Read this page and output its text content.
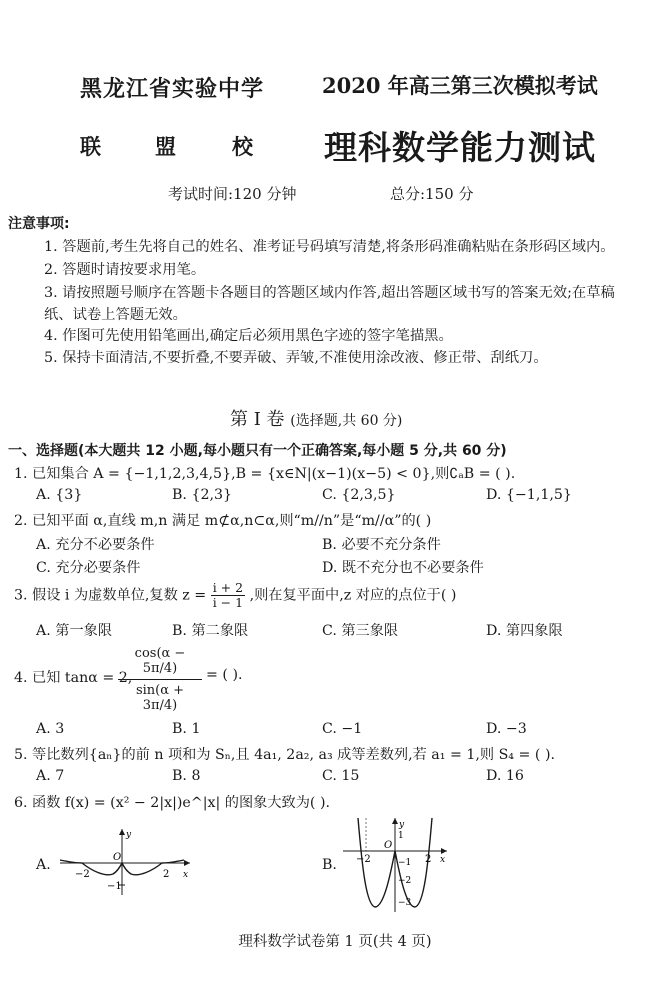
黑龙江省实验中学	2020 年高三第三次模拟考试
联	盟	校 理科数学能力测试
考试时间:120 分钟	总分:150 分
注意事项:
1. 答题前,考生先将自己的姓名、准考证号码填写清楚,将条形码准确粘贴在条形码区域内。
2. 答题时请按要求用笔。
3. 请按照题号顺序在答题卡各题目的答题区域内作答,超出答题区域书写的答案无效;在草稿
纸、试卷上答题无效。
4. 作图可先使用铅笔画出,确定后必须用黑色字迹的签字笔描黑。
5. 保持卡面清洁,不要折叠,不要弄破、弄皱,不准使用涂改液、修正带、刮纸刀。
第 I 卷 (选择题,共 60 分)
一、选择题(本大题共 12 小题,每小题只有一个正确答案,每小题 5 分,共 60 分)
1. 已知集合 A = {−1,1,2,3,4,5},B = {x∈N|(x−1)(x−5) < 0},则∁ₐB = ( ).
A. {3}	B. {2,3}	C. {2,3,5}	D. {−1,1,5}
2. 已知平面 α,直线 m,n 满足 m⊄α,n⊂α,则“m//n”是“m//α”的( )
A. 充分不必要条件	B. 必要不充分条件
C. 充分必要条件	D. 既不充分也不必要条件
3. 假设 i 为虚数单位,复数 $z = \frac{i + 2}{i - 1}$ ,则在复平面中,z 对应的点位于( )
A. 第一象限	B. 第二象限	C. 第三象限	D. 第四象限
4. 已知 tanα = 2,
cos(α − 5π/4)
sin(α + 3π/4)
= ( ).
A. 3	B. 1	C. −1	D. −3
5. 等比数列{aₙ}的前 n 项和为 Sₙ,且 4a₁, 2a₂, a₃ 成等差数列,若 a₁ = 1,则 S₄ = ( ).
A. 7	B. 8	C. 15	D. 16
6. 函数 f(x) = (x² − 2|x|)e^|x| 的图象大致为( ).
A.	B.
−2	2
−1
O
x
y
−2	2
1
−1
−2
−3
O
x
y
理科数学试卷第 1 页(共 4 页)
